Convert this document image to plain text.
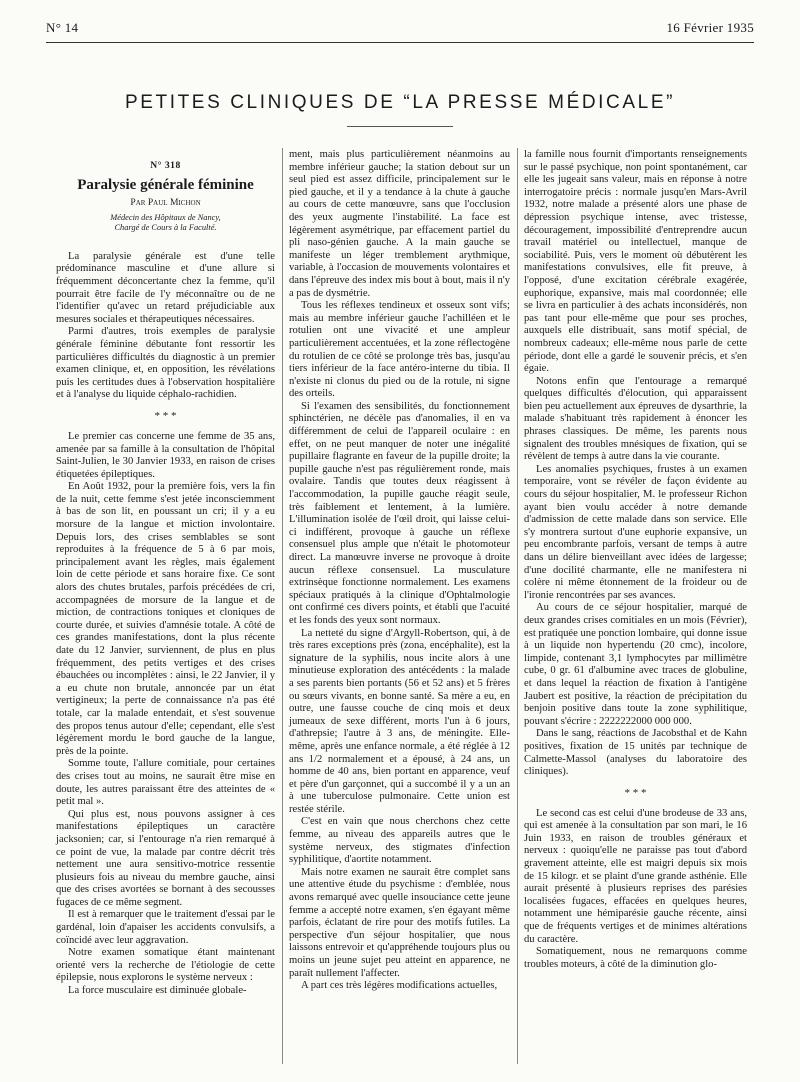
N° 14	16 Février 1935
PETITES CLINIQUES DE “LA PRESSE MÉDICALE”
N° 318
Paralysie générale féminine
Par Paul Michon
Médecin des Hôpitaux de Nancy,
Chargé de Cours à la Faculté.

La paralysie générale est d'une telle prédominance masculine et d'une allure si fréquemment déconcertante chez la femme, qu'il pourrait être facile de l'y méconnaître ou de ne l'identifier qu'avec un retard préjudiciable aux mesures sociales et thérapeutiques nécessaires.

Parmi d'autres, trois exemples de paralysie générale féminine débutante font ressortir les particulières difficultés du diagnostic à un premier examen clinique, et, en opposition, les révélations puis les certitudes dues à l'observation hospitalière et à l'analyse du liquide céphalo-rachidien.

* * *

Le premier cas concerne une femme de 35 ans, amenée par sa famille à la consultation de l'hôpital Saint-Julien, le 30 Janvier 1933, en raison de crises étiquetées épileptiques.

En Août 1932, pour la première fois, vers la fin de la nuit, cette femme s'est jetée inconsciemment à bas de son lit, en poussant un cri; il y a eu morsure de la langue et miction involontaire. Depuis lors, des crises semblables se sont reproduites à la fréquence de 5 à 6 par mois, principalement avant les règles, mais également loin de cette période et sans horaire fixe. Ce sont alors des chutes brutales, parfois précédées de cri, accompagnées de morsure de la langue et de miction, de contractions toniques et cloniques de courte durée, et suivies d'amnésie totale. A côté de ces grandes manifestations, dont la plus récente date du 12 Janvier, surviennent, de plus en plus fréquemment, des petits vertiges et des crises ébauchées ou incomplètes : ainsi, le 22 Janvier, il y a eu chute non brutale, annoncée par un état vertigineux; la perte de connaissance n'a pas été totale, car la malade entendait, et s'est souvenue des propos tenus autour d'elle; cependant, elle s'est légèrement mordu le bord gauche de la langue, près de la pointe.

Somme toute, l'allure comitiale, pour certaines des crises tout au moins, ne saurait être mise en doute, les autres paraissant être des atteintes de « petit mal ».

Qui plus est, nous pouvons assigner à ces manifestations épileptiques un caractère jacksonien; car, si l'entourage n'a rien remarqué à ce point de vue, la malade par contre décrit très nettement une aura sensitivo-motrice ressentie plusieurs fois au niveau du membre gauche, ainsi que des crises avortées se bornant à des secousses fugaces de ce même segment.

Il est à remarquer que le traitement d'essai par le gardénal, loin d'apaiser les accidents convulsifs, a coïncidé avec leur aggravation.

Notre examen somatique étant maintenant orienté vers la recherche de l'étiologie de cette épilepsie, nous explorons le système nerveux :

La force musculaire est diminuée globale-

ment, mais plus particulièrement néanmoins au membre inférieur gauche; la station debout sur un seul pied est assez difficile, principalement sur le pied gauche, et il y a tendance à la chute à gauche au cours de cette manœuvre, sans que l'occlusion des yeux augmente l'instabilité. La face est légèrement asymétrique, par effacement partiel du pli naso-génien gauche. A la main gauche se manifeste un léger tremblement arythmique, variable, à l'occasion de mouvements volontaires et dans l'épreuve des index mis bout à bout, mais il n'y a pas de dysmétrie.

Tous les réflexes tendineux et osseux sont vifs; mais au membre inférieur gauche l'achilléen et le rotulien ont une vivacité et une ampleur particulièrement accentuées, et la zone réflectogène du rotulien de ce côté se prolonge très bas, jusqu'au tiers inférieur de la face antéro-interne du tibia. Il n'existe ni clonus du pied ou de la rotule, ni signe des orteils.

Si l'examen des sensibilités, du fonctionnement sphinctérien, ne décèle pas d'anomalies, il en va différemment de celui de l'appareil oculaire : en effet, on ne peut manquer de noter une inégalité pupillaire flagrante en faveur de la pupille droite; la pupille gauche n'est pas régulièrement ronde, mais ovalaire. Tandis que toutes deux réagissent à l'accommodation, la pupille gauche réagit seule, très faiblement et lentement, à la lumière. L'illumination isolée de l'œil droit, qui laisse celui-ci indifférent, provoque à gauche un réflexe consensuel plus ample que n'était le photomoteur direct. La manœuvre inverse ne provoque à droite aucun réflexe consensuel. La musculature extrinsèque fonctionne normalement. Les examens spéciaux pratiqués à la clinique d'Ophtalmologie ont confirmé ces divers points, et établi que l'acuité et les fonds des yeux sont normaux.

La netteté du signe d'Argyll-Robertson, qui, à de très rares exceptions près (zona, encéphalite), est la signature de la syphilis, nous incite alors à une minutieuse exploration des antécédents : la malade a ses parents bien portants (56 et 52 ans) et 5 frères ou sœurs vivants, en bonne santé. Sa mère a eu, en outre, une fausse couche de cinq mois et deux jumeaux de sexe différent, morts l'un à 6 jours, d'athrepsie; l'autre à 3 ans, de méningite. Elle-même, après une enfance normale, a été réglée à 12 ans 1/2 normalement et a épousé, à 24 ans, un homme de 40 ans, bien portant en apparence, veuf et père d'un garçonnet, qui a succombé il y a un an à une tuberculose pulmonaire. Cette union est restée stérile.

C'est en vain que nous cherchons chez cette femme, au niveau des appareils autres que le système nerveux, des stigmates d'infection syphilitique, d'aortite notamment.

Mais notre examen ne saurait être complet sans une attentive étude du psychisme : d'emblée, nous avons remarqué avec quelle insouciance cette jeune femme a accepté notre examen, s'en égayant même parfois, éclatant de rire pour des motifs futiles. La perspective d'un séjour hospitalier, que nous laissons entrevoir et qu'appréhende toujours plus ou moins un jeune sujet peu atteint en apparence, ne paraît nullement l'affecter.

A part ces très légères modifications actuelles,

la famille nous fournit d'importants renseignements sur le passé psychique, non point spontanément, car elle les jugeait sans valeur, mais en réponse à notre interrogatoire précis : normale jusqu'en Mars-Avril 1932, notre malade a présenté alors une phase de dépression psychique intense, avec tristesse, découragement, impossibilité d'entreprendre aucun travail matériel ou intellectuel, manque de sociabilité. Puis, vers le moment où débutèrent les manifestations convulsives, elle fit preuve, à l'opposé, d'une excitation cérébrale exagérée, euphorique, expansive, mais mal coordonnée; elle se livra en particulier à des achats inconsidérés, non pas tant pour elle-même que pour ses proches, auxquels elle distribuait, sans motif spécial, de nombreux cadeaux; elle-même nous parle de cette période, dont elle a gardé le souvenir précis, et s'en égaie.

Notons enfin que l'entourage a remarqué quelques difficultés d'élocution, qui apparaissent bien peu actuellement aux épreuves de dysarthrie, la malade s'habituant très rapidement à énoncer les phrases classiques. De même, les parents nous signalent des troubles mnésiques de fixation, qui se révèlent de temps à autre dans la vie courante.

Les anomalies psychiques, frustes à un examen temporaire, vont se révéler de façon évidente au cours du séjour hospitalier, M. le professeur Richon ayant bien voulu accéder à notre demande d'admission de cette malade dans son service. Elle s'y montrera surtout d'une euphorie expansive, un peu encombrante parfois, versant de temps à autre dans un délire bienveillant avec idées de largesse; d'une docilité charmante, elle ne manifestera ni colère ni même étonnement de la froideur ou de l'ironie rencontrées par ses avances.

Au cours de ce séjour hospitalier, marqué de deux grandes crises comitiales en un mois (Février), est pratiquée une ponction lombaire, qui donne issue à un liquide non hypertendu (20 cmc), incolore, limpide, contenant 3,1 lymphocytes par millimètre cube, 0 gr. 61 d'albumine avec traces de globuline, et dans lequel la réaction de fixation à l'antigène Jaubert est positive, la réaction de précipitation du benjoin positive dans toute la zone syphilitique, pouvant s'écrire : 2222222000 000 000.

Dans le sang, réactions de Jacobsthal et de Kahn positives, fixation de 15 unités par technique de Calmette-Massol (analyses du laboratoire des cliniques).

* * *

Le second cas est celui d'une brodeuse de 33 ans, qui est amenée à la consultation par son mari, le 16 Juin 1933, en raison de troubles généraux et nerveux : quoiqu'elle ne paraisse pas tout d'abord gravement atteinte, elle est maigri depuis six mois de 15 kilogr. et se plaint d'une grande asthénie. Elle aurait présenté à plusieurs reprises des parésies localisées fugaces, effacées en quelques heures, notamment une hémiparésie gauche récente, ainsi que de fréquents vertiges et de minimes altérations du caractère.

Somatiquement, nous ne remarquons comme troubles moteurs, à côté de la diminution glo-
